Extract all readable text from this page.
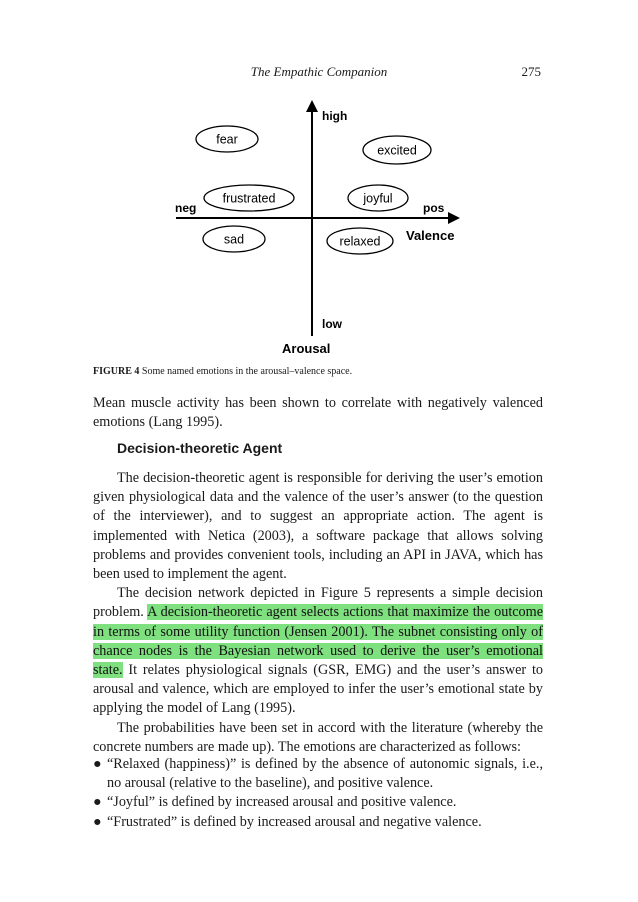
The Empathic Companion	275
high
low
neg	pos
Valence
Arousal
fear
excited
frustrated	joyful
sad	relaxed
FIGURE 4 Some named emotions in the arousal–valence space.

Mean muscle activity has been shown to correlate with negatively valenced emotions (Lang 1995).

Decision-theoretic Agent

The decision-theoretic agent is responsible for deriving the user’s emotion given physiological data and the valence of the user’s answer (to the question of the interviewer), and to suggest an appropriate action. The agent is implemented with Netica (2003), a software package that allows solving problems and provides convenient tools, including an API in JAVA, which has been used to implement the agent.

The decision network depicted in Figure 5 represents a simple decision problem. A decision-theoretic agent selects actions that maximize the outcome in terms of some utility function (Jensen 2001). The subnet consisting only of chance nodes is the Bayesian network used to derive the user’s emotional state. It relates physiological signals (GSR, EMG) and the user’s answer to arousal and valence, which are employed to infer the user’s emotional state by applying the model of Lang (1995).

The probabilities have been set in accord with the literature (whereby the concrete numbers are made up). The emotions are characterized as follows:

● “Relaxed (happiness)” is defined by the absence of autonomic signals, i.e., no arousal (relative to the baseline), and positive valence.
● “Joyful” is defined by increased arousal and positive valence.
● “Frustrated” is defined by increased arousal and negative valence.
